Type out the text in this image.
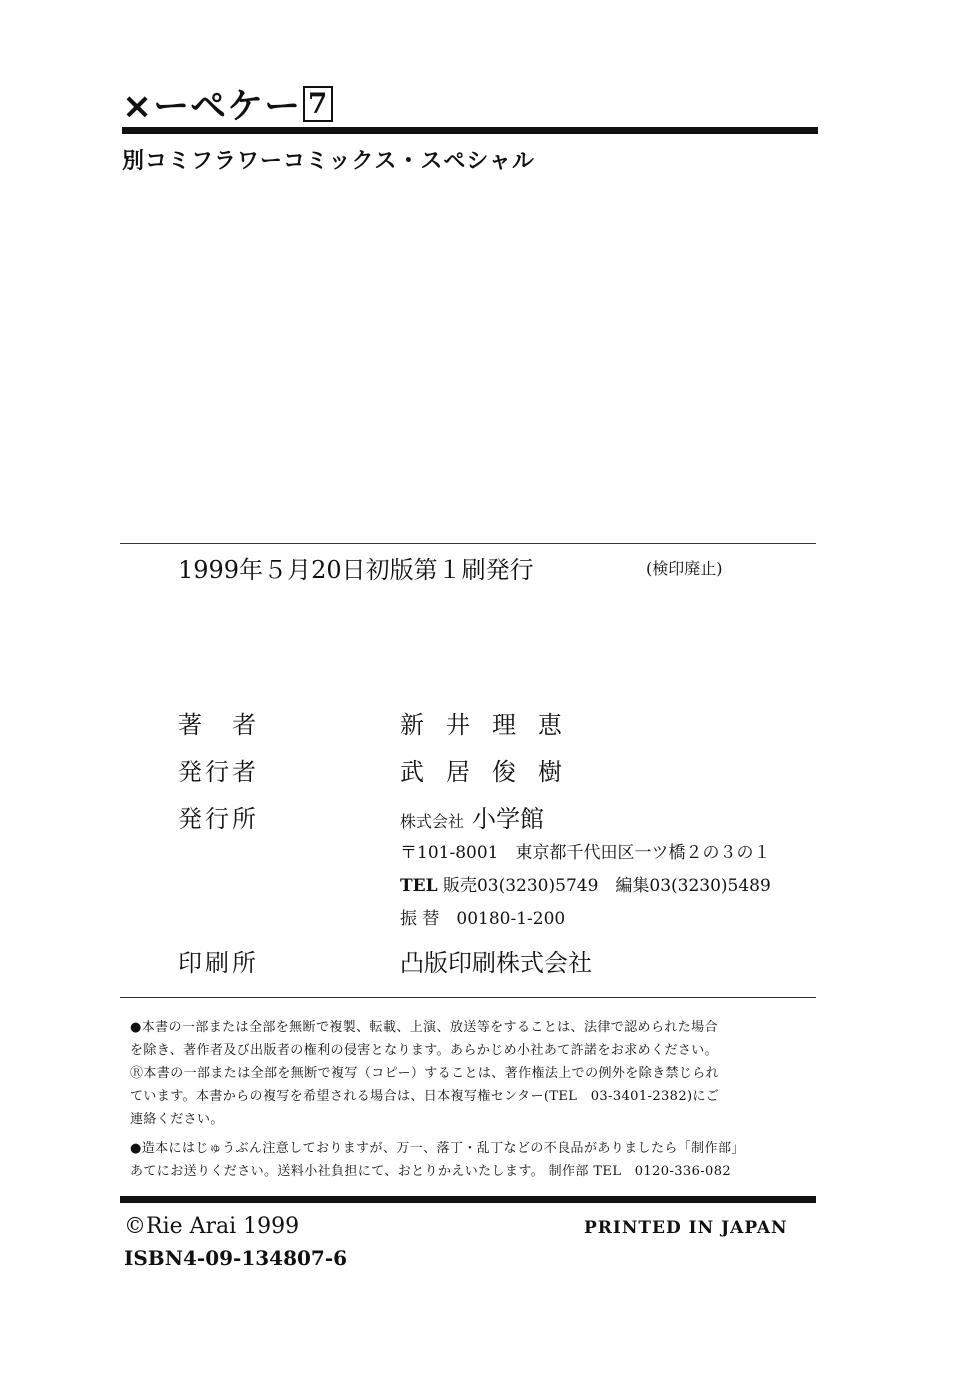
×ーペケー 7
別コミフラワーコミックス・スペシャル
1999年５月20日初版第１刷発行	(検印廃止)
著　者	新井理恵
発行者	武居俊樹
発行所	株式会社 小学館
〒101-8001　東京都千代田区一ツ橋２の３の１
TEL 販売03(3230)5749　編集03(3230)5489
振 替　00180-1-200
印刷所	凸版印刷株式会社
●本書の一部または全部を無断で複製、転載、上演、放送等をすることは、法律で認められた場合
を除き、著作者及び出版者の権利の侵害となります。あらかじめ小社あて許諾をお求めください。
Ⓡ本書の一部または全部を無断で複写（コピー）することは、著作権法上での例外を除き禁じられ
ています。本書からの複写を希望される場合は、日本複写権センター(TEL　03-3401-2382)にご
連絡ください。
●造本にはじゅうぶん注意しておりますが、万一、落丁・乱丁などの不良品がありましたら「制作部」
あてにお送りください。送料小社負担にて、おとりかえいたします。 制作部 TEL　0120-336-082
©Rie Arai 1999
ISBN4-09-134807-6
PRINTED IN JAPAN
